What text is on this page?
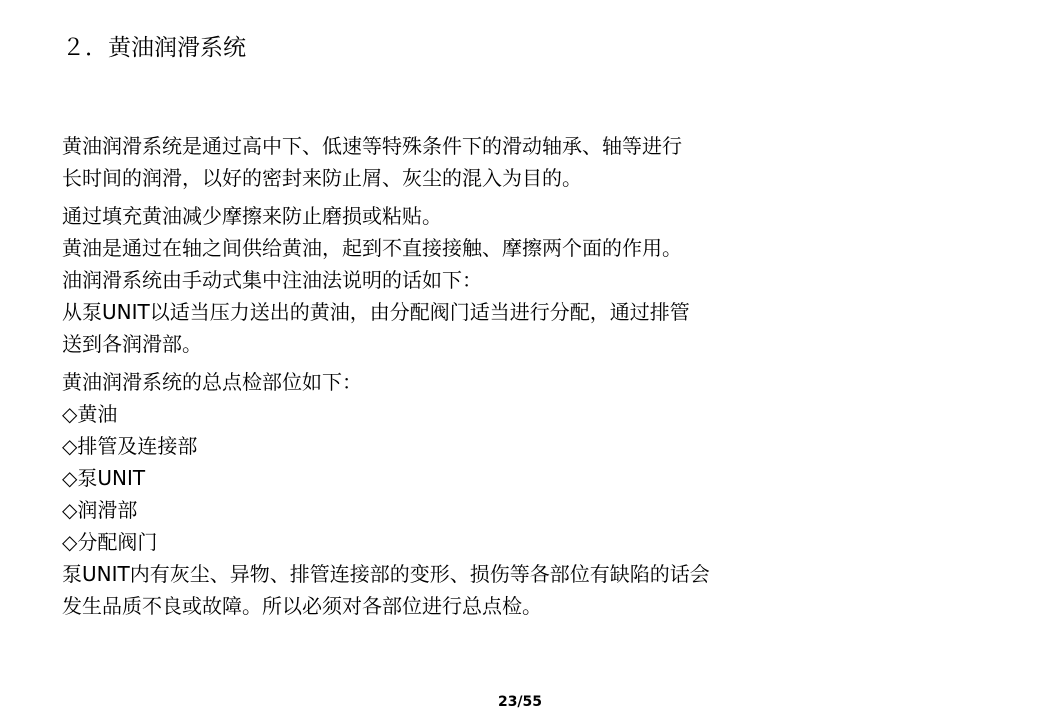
２．黄油润滑系统
黄油润滑系统是通过高中下、低速等特殊条件下的滑动轴承、轴等进行
长时间的润滑，以好的密封来防止屑、灰尘的混入为目的。
通过填充黄油减少摩擦来防止磨损或粘贴。
黄油是通过在轴之间供给黄油，起到不直接接触、摩擦两个面的作用。
油润滑系统由手动式集中注油法说明的话如下：
从泵UNIT以适当压力送出的黄油，由分配阀门适当进行分配，通过排管
送到各润滑部。
黄油润滑系统的总点检部位如下：
◇黄油
◇排管及连接部
◇泵UNIT
◇润滑部
◇分配阀门
泵UNIT内有灰尘、异物、排管连接部的变形、损伤等各部位有缺陷的话会
发生品质不良或故障。所以必须对各部位进行总点检。
23/55
